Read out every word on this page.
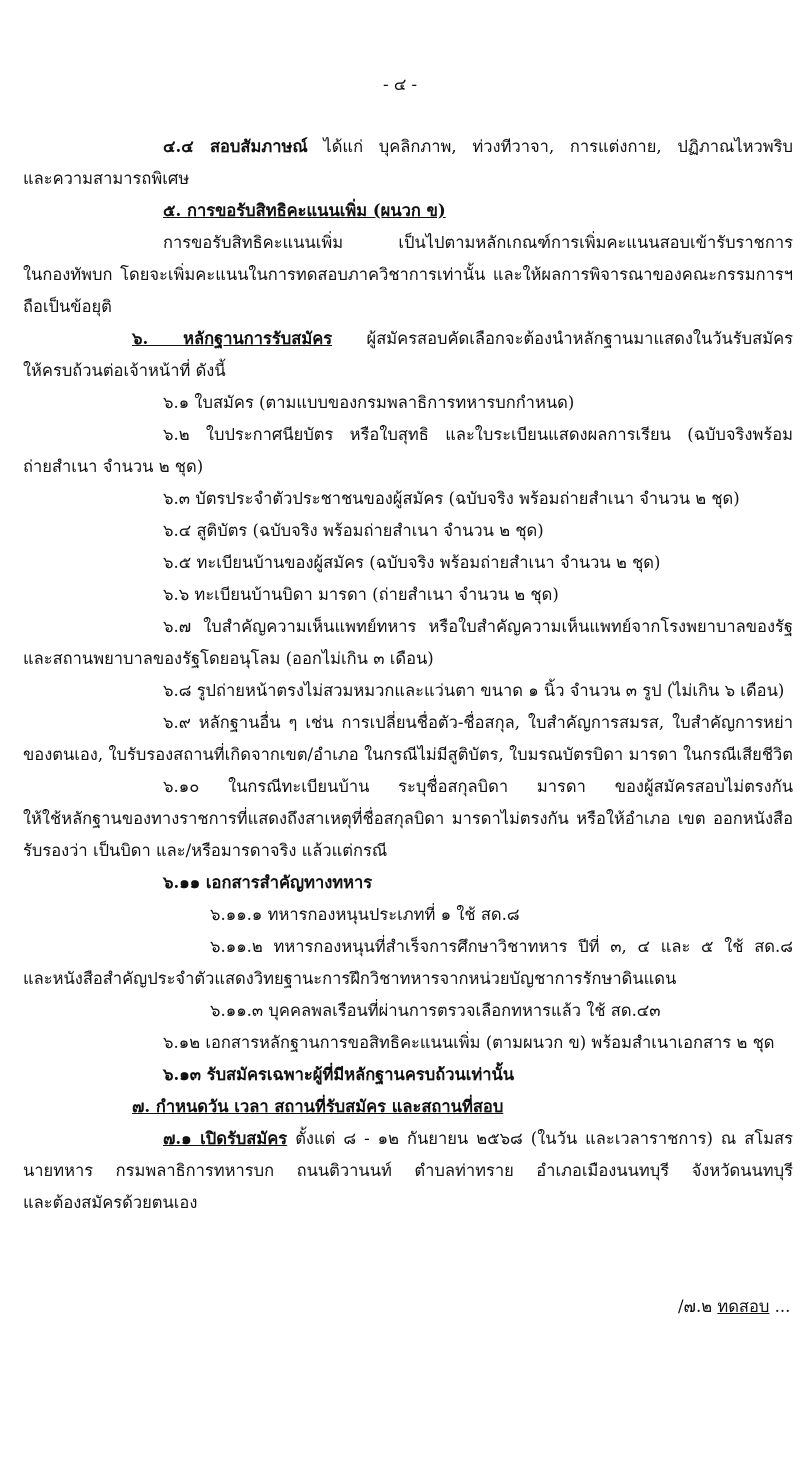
- ๔ -
๔.๔ สอบสัมภาษณ์ ได้แก่ บุคลิกภาพ, ท่วงทีวาจา, การแต่งกาย, ปฏิภาณไหวพริบ
และความสามารถพิเศษ
๕. การขอรับสิทธิคะแนนเพิ่ม (ผนวก ข)
การขอรับสิทธิคะแนนเพิ่ม เป็นไปตามหลักเกณฑ์การเพิ่มคะแนนสอบเข้ารับราชการ
ในกองทัพบก โดยจะเพิ่มคะแนนในการทดสอบภาควิชาการเท่านั้น และให้ผลการพิจารณาของคณะกรรมการฯ
ถือเป็นข้อยุติ
๖. หลักฐานการรับสมัคร ผู้สมัครสอบคัดเลือกจะต้องนำหลักฐานมาแสดงในวันรับสมัคร
ให้ครบถ้วนต่อเจ้าหน้าที่ ดังนี้
๖.๑ ใบสมัคร (ตามแบบของกรมพลาธิการทหารบกกำหนด)
๖.๒ ใบประกาศนียบัตร หรือใบสุทธิ และใบระเบียนแสดงผลการเรียน (ฉบับจริงพร้อม
ถ่ายสำเนา จำนวน ๒ ชุด)
๖.๓ บัตรประจำตัวประชาชนของผู้สมัคร (ฉบับจริง พร้อมถ่ายสำเนา จำนวน ๒ ชุด)
๖.๔ สูติบัตร (ฉบับจริง พร้อมถ่ายสำเนา จำนวน ๒ ชุด)
๖.๕ ทะเบียนบ้านของผู้สมัคร (ฉบับจริง พร้อมถ่ายสำเนา จำนวน ๒ ชุด)
๖.๖ ทะเบียนบ้านบิดา มารดา (ถ่ายสำเนา จำนวน ๒ ชุด)
๖.๗ ใบสำคัญความเห็นแพทย์ทหาร หรือใบสำคัญความเห็นแพทย์จากโรงพยาบาลของรัฐ
และสถานพยาบาลของรัฐโดยอนุโลม (ออกไม่เกิน ๓ เดือน)
๖.๘ รูปถ่ายหน้าตรงไม่สวมหมวกและแว่นตา ขนาด ๑ นิ้ว จำนวน ๓ รูป (ไม่เกิน ๖ เดือน)
๖.๙ หลักฐานอื่น ๆ เช่น การเปลี่ยนชื่อตัว-ชื่อสกุล, ใบสำคัญการสมรส, ใบสำคัญการหย่า
ของตนเอง, ใบรับรองสถานที่เกิดจากเขต/อำเภอ ในกรณีไม่มีสูติบัตร, ใบมรณบัตรบิดา มารดา ในกรณีเสียชีวิต
๖.๑๐ ในกรณีทะเบียนบ้าน ระบุชื่อสกุลบิดา มารดา ของผู้สมัครสอบไม่ตรงกัน
ให้ใช้หลักฐานของทางราชการที่แสดงถึงสาเหตุที่ชื่อสกุลบิดา มารดาไม่ตรงกัน หรือให้อำเภอ เขต ออกหนังสือ
รับรองว่า เป็นบิดา และ/หรือมารดาจริง แล้วแต่กรณี
๖.๑๑ เอกสารสำคัญทางทหาร
๖.๑๑.๑ ทหารกองหนุนประเภทที่ ๑ ใช้ สด.๘
๖.๑๑.๒ ทหารกองหนุนที่สำเร็จการศึกษาวิชาทหาร ปีที่ ๓, ๔ และ ๕ ใช้ สด.๘
และหนังสือสำคัญประจำตัวแสดงวิทยฐานะการฝึกวิชาทหารจากหน่วยบัญชาการรักษาดินแดน
๖.๑๑.๓ บุคคลพลเรือนที่ผ่านการตรวจเลือกทหารแล้ว ใช้ สด.๔๓
๖.๑๒ เอกสารหลักฐานการขอสิทธิคะแนนเพิ่ม (ตามผนวก ข) พร้อมสำเนาเอกสาร ๒ ชุด
๖.๑๓ รับสมัครเฉพาะผู้ที่มีหลักฐานครบถ้วนเท่านั้น
๗. กำหนดวัน เวลา สถานที่รับสมัคร และสถานที่สอบ
๗.๑ เปิดรับสมัคร ตั้งแต่ ๘ - ๑๒ กันยายน ๒๕๖๘ (ในวัน และเวลาราชการ) ณ สโมสร
นายทหาร กรมพลาธิการทหารบก ถนนติวานนท์ ตำบลท่าทราย อำเภอเมืองนนทบุรี จังหวัดนนทบุรี
และต้องสมัครด้วยตนเอง
/๗.๒ ทดสอบ ...
